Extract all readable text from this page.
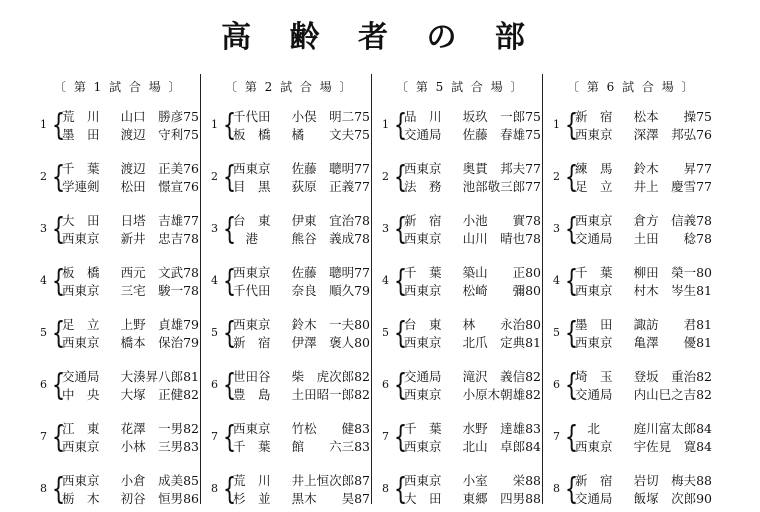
高 齢 者 の 部
〔 第 1 試 合 場 〕
1 {
荒　川 山口　勝彦75
墨　田 渡辺　守利75
2 {
千　葉 渡辺　正美76
学連剣 松田　憬宣76
3 {
大　田 日塔　吉雄77
西東京 新井　忠吉78
4 {
板　橋 西元　文武78
西東京 三宅　駿一78
5 {
足　立 上野　貞雄79
西東京 橋本　保治79
6 {
交通局 大湊昇八郎81
中　央 大塚　正健82
7 {
江　東 花澤　一男82
西東京 小林　三男83
8 {
西東京 小倉　成美85
栃　木 初谷　恒男86
〔 第 2 試 合 場 〕
1 {
千代田 小俣　明二75
板　橋 橘　　文夫75
2 {
西東京 佐藤　聰明77
目　黒 荻原　正義77
3 {
台　東 伊東　宜治78
　港	熊谷　義成78
4 {
西東京 佐藤　聰明77
千代田 奈良　順久79
5 {
西東京 鈴木　一夫80
新　宿 伊澤　褒人80
6 {
世田谷 柴　虎次郎82
豊　島 土田昭一郎82
7 {
西東京 竹松　　健83
千　葉 館　　六三83
8 {
荒　川 井上恒次郎87
杉　並 黒木　　昊87
〔 第 5 試 合 場 〕
1 {
品　川 坂玖　一郎75
交通局 佐藤　春雄75
2 {
西東京 奥貫　邦夫77
法　務 池部敬三郎77
3 {
新　宿 小池　　實78
西東京 山川　晴也78
4 {
千　葉 築山　　正80
西東京 松崎　　彌80
5 {
台　東 林　　永治80
西東京 北爪　定典81
6 {
交通局 滝沢　義信82
西東京 小原木朝雄82
7 {
千　葉 水野　達雄83
西東京 北山　卓郎84
8 {
西東京 小室　　栄88
大　田 東郷　四男88
〔 第 6 試 合 場 〕
1 {
新　宿 松本　　操75
西東京 深澤　邦弘76
2 {
練　馬 鈴木　　昇77
足　立 井上　慶雪77
3 {
西東京 倉方　信義78
交通局 土田　　稔78
4 {
千　葉 柳田　榮一80
西東京 村木　岑生81
5 {
墨　田 諏訪　　君81
西東京 亀澤　　優81
6 {
埼　玉 登坂　重治82
交通局 内山巳之吉82
7 {
　北	庭川富太郎84
西東京 宇佐見　寛84
8 {
新　宿 岩切　梅夫88
交通局 飯塚　次郎90
